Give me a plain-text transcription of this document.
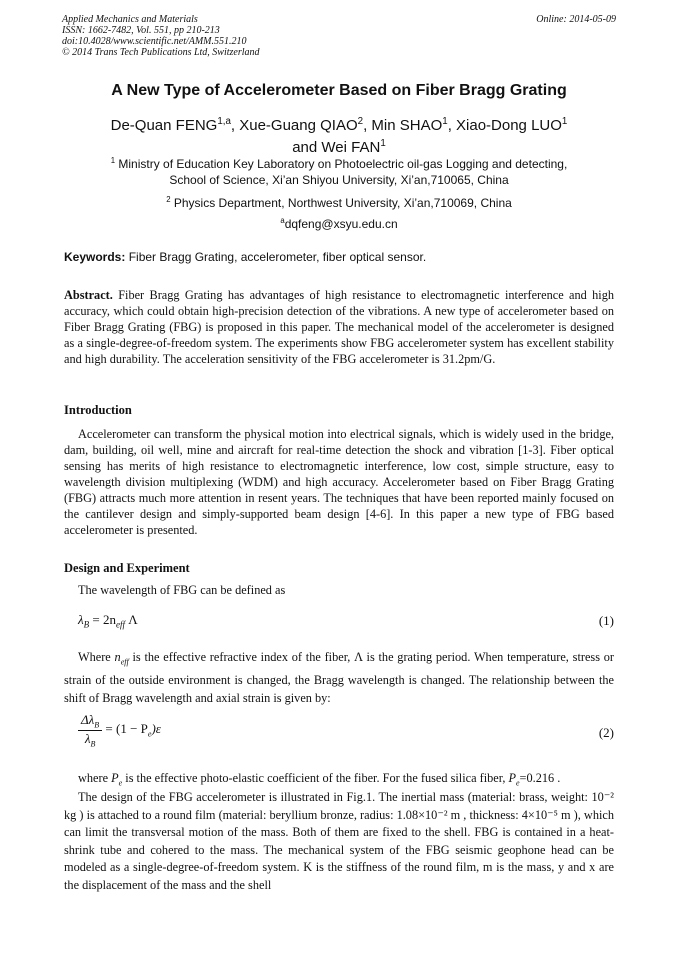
Applied Mechanics and Materials
ISSN: 1662-7482, Vol. 551, pp 210-213
doi:10.4028/www.scientific.net/AMM.551.210
© 2014 Trans Tech Publications Ltd, Switzerland
Online: 2014-05-09
A New Type of Accelerometer Based on Fiber Bragg Grating
De-Quan FENG$^{1,a}$, Xue-Guang QIAO$^2$, Min SHAO$^1$, Xiao-Dong LUO$^1$
and Wei FAN$^1$
$^1$ Ministry of Education Key Laboratory on Photoelectric oil-gas Logging and detecting,
School of Science, Xi’an Shiyou University, Xi’an,710065, China
$^2$ Physics Department, Northwest University, Xi’an,710069, China
$^a$dqfeng@xsyu.edu.cn
Keywords: Fiber Bragg Grating, accelerometer, fiber optical sensor.
Abstract. Fiber Bragg Grating has advantages of high resistance to electromagnetic interference and high accuracy, which could obtain high-precision detection of the vibrations. A new type of accelerometer based on Fiber Bragg Grating (FBG) is proposed in this paper. The mechanical model of the accelerometer is designed as a single-degree-of-freedom system. The experiments show FBG accelerometer system has excellent stability and high durability. The acceleration sensitivity of the FBG accelerometer is 31.2pm/G.
Introduction
Accelerometer can transform the physical motion into electrical signals, which is widely used in the bridge, dam, building, oil well, mine and aircraft for real-time detection the shock and vibration [1-3]. Fiber optical sensing has merits of high resistance to electromagnetic interference, low cost, simple structure, easy to wavelength division multiplexing (WDM) and high accuracy. Accelerometer based on Fiber Bragg Grating (FBG) attracts much more attention in resent years. The techniques that have been reported mainly focused on the cantilever design and simply-supported beam design [4-6]. In this paper a new type of FBG based accelerometer is presented.
Design and Experiment
The wavelength of FBG can be defined as
$\lambda_B = 2n_{eff}$ Λ	(1)
Where $n_{eff}$ is the effective refractive index of the fiber, Λ is the grating period. When temperature, stress or strain of the outside environment is changed, the Bragg wavelength is changed. The relationship between the shift of Bragg wavelength and axial strain is given by:
$\frac{\Delta\lambda_B}{\lambda_B} = (1 - P_e)\varepsilon$	(2)
where $P_e$ is the effective photo-elastic coefficient of the fiber. For the fused silica fiber, $P_e=0.216$ .
The design of the FBG accelerometer is illustrated in Fig.1. The inertial mass (material: brass, weight: 10⁻² kg ) is attached to a round film (material: beryllium bronze, radius: 1.08×10⁻² m , thickness: 4×10⁻⁵ m ), which can limit the transversal motion of the mass. Both of them are fixed to the shell. FBG is contained in a heat-shrink tube and cohered to the mass. The mechanical system of the FBG seismic geophone head can be modeled as a single-degree-of-freedom system. K is the stiffness of the round film, m is the mass, y and x are the displacement of the mass and the shell
